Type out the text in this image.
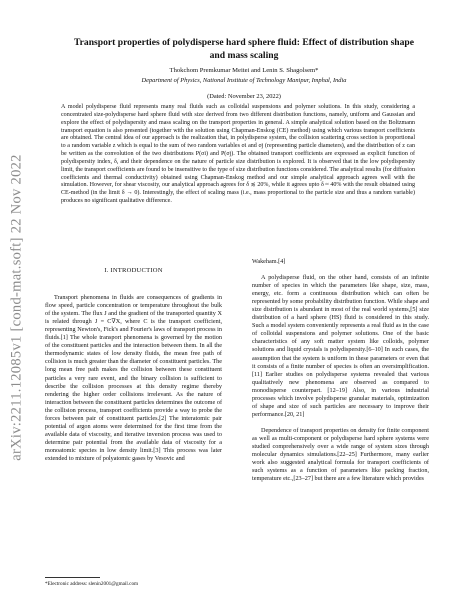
arXiv:2211.12085v1 [cond-mat.soft] 22 Nov 2022
Transport properties of polydisperse hard sphere fluid: Effect of distribution shape
and mass scaling
Thokchom Premkumar Meitei and Lenin S. Shagolsem*
Department of Physics, National Institute of Technology Manipur, Imphal, India
(Dated: November 23, 2022)

A model polydisperse fluid represents many real fluids such as colloidal suspensions and polymer solutions. In this study, considering a concentrated size-polydisperse hard sphere fluid with size derived from two different distribution functions, namely, uniform and Gaussian and explore the effect of polydispersity and mass scaling on the transport properties in general. A simple analytical solution based on the Boltzmann transport equation is also presented (together with the solution using Chapman-Enskog (CE) method) using which various transport coefficients are obtained. The central idea of our approach is the realization that, in polydisperse system, the collision scattering cross section is proportional to a random variable z which is equal to the sum of two random variables σi and σj (representing particle diameters), and the distribution of z can be written as the convolution of the two distributions P(σi) and P(σj). The obtained transport coefficients are expressed as explicit function of polydispersity index, δ, and their dependence on the nature of particle size distribution is explored. It is observed that in the low polydispersity limit, the transport coefficients are found to be insensitive to the type of size distribution functions considered. The analytical results (for diffusion coefficients and thermal conductivity) obtained using Chapman-Enskog method and our simple analytical approach agrees well with the simulation. However, for shear viscosity, our analytical approach agrees for δ ≲ 20%, while it agrees upto δ ≈ 40% with the result obtained using CE-method (in the limit δ → 0). Interestingly, the effect of scaling mass (i.e., mass proportional to the particle size and thus a random variable) produces no significant qualitative difference.

I. INTRODUCTION

Transport phenomena in fluids are consequences of gradients in flow speed, particle concentration or temperature throughout the bulk of the system. The flux J and the gradient of the transported quantity X is related through J = C∇X, where C is the transport coefficient, representing Newton's, Fick's and Fourier's laws of transport process in fluids.[1] The whole transport phenomena is governed by the motion of the constituent particles and the interaction between them. In all the thermodynamic states of low density fluids, the mean free path of collision is much greater than the diameter of constituent particles. The long mean free path makes the collision between these constituent particles a very rare event, and the binary collision is sufficient to describe the collision processes at this density regime thereby rendering the higher order collisions irrelevant. As the nature of interaction between the constituent particles determines the outcome of the collision process, transport coefficients provide a way to probe the forces between pair of constituent particles.[2] The interatomic pair potential of argon atoms were determined for the first time from the available data of viscosity, and iterative inversion process was used to determine pair potential from the available data of viscosity for a monoatomic species in low density limit.[3] This process was later extended to mixture of polyatomic gases by Vesovic and

Wakeham.[4]

A polydisperse fluid, on the other hand, consists of an infinite number of species in which the parameters like shape, size, mass, energy, etc. form a continuous distribution which can often be represented by some probability distribution function. While shape and size distribution is abundant in most of the real world systems,[5] size distribution of a hard sphere (HS) fluid is considered in this study. Such a model system conveniently represents a real fluid as in the case of colloidal suspensions and polymer solutions. One of the basic characteristics of any soft matter system like colloids, polymer solutions and liquid crystals is polydispersity.[6–10] In such cases, the assumption that the system is uniform in these parameters or even that it consists of a finite number of species is often an oversimplification.[11] Earlier studies on polydisperse systems revealed that various qualitatively new phenomena are observed as compared to monodisperse counterpart. [12–19] Also, in various industrial processes which involve polydisperse granular materials, optimization of shape and size of such particles are necessary to improve their performance.[20, 21]

Dependence of transport properties on density for finite component as well as multi-component or polydisperse hard sphere systems were studied comprehensively over a wide range of system sizes through molecular dynamics simulations.[22–25] Furthermore, many earlier work also suggested analytical formula for transport coefficients of such systems as a function of parameters like packing fraction, temperature etc.,[23–27] but there are a few literature which provides

*Electronic address: slenin2001@gmail.com
